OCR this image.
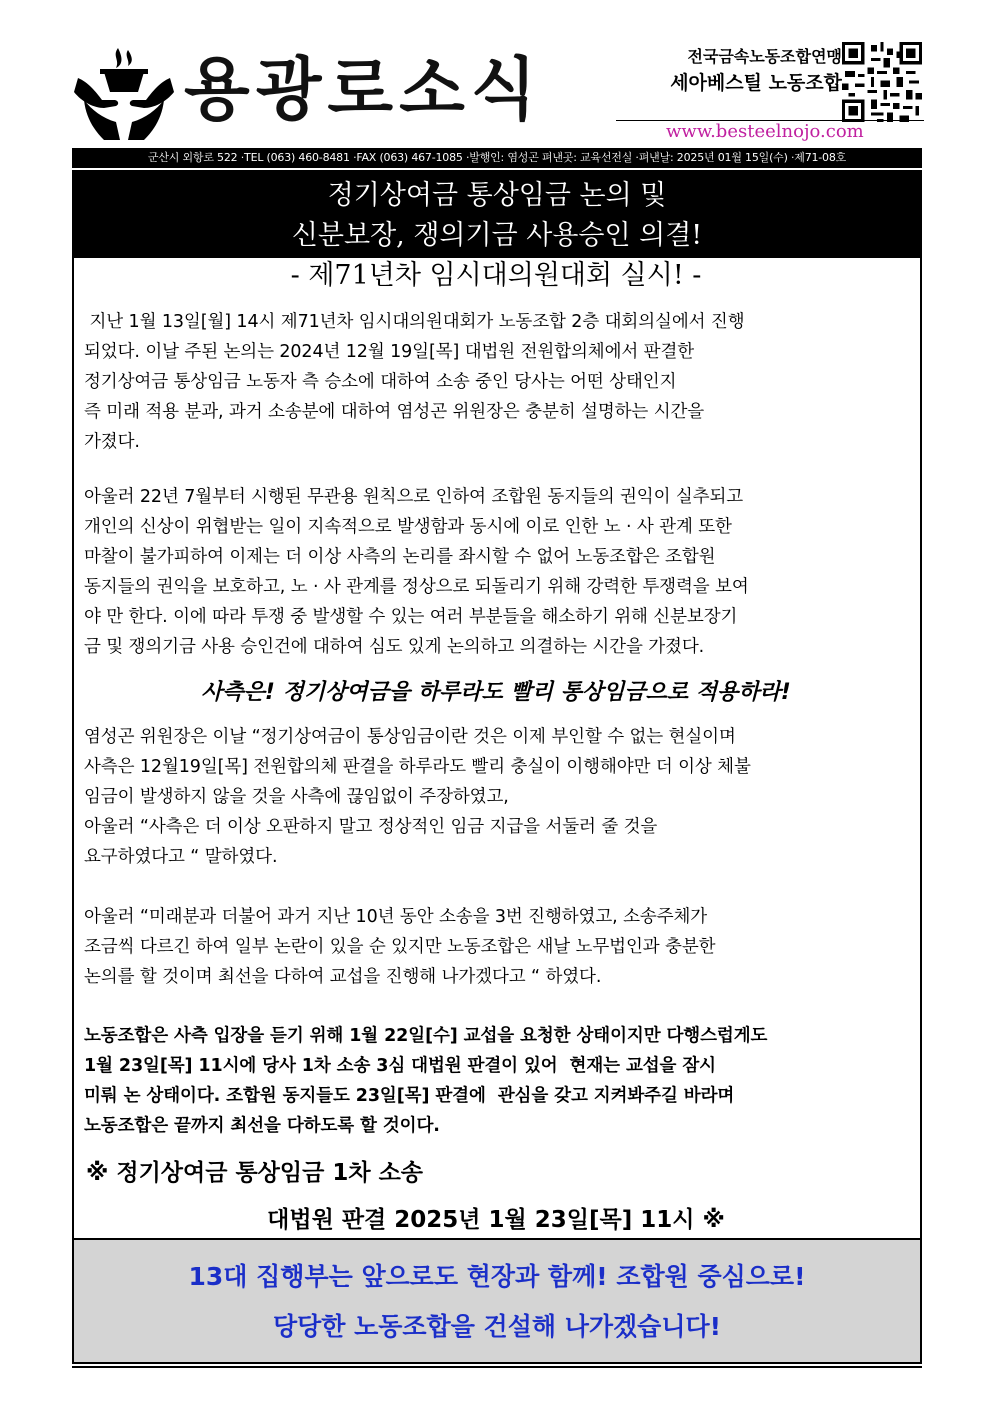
용광로소식	전국금속노동조합연맹
세아베스틸 노동조합
www.besteelnojo.com
군산시 외항로 522 ·TEL (063) 460-8481 ·FAX (063) 467-1085 ·발행인: 염성곤 펴낸곳: 교육선전실 ·펴낸날: 2025년 01월 15일(수) ·제71-08호
정기상여금 통상임금 논의 및
신분보장, 쟁의기금 사용승인 의결!
- 제71년차 임시대의원대회 실시! -
지난 1월 13일[월] 14시 제71년차 임시대의원대회가 노동조합 2층 대회의실에서 진행
되었다. 이날 주된 논의는 2024년 12월 19일[목] 대법원 전원합의체에서 판결한
정기상여금 통상임금 노동자 측 승소에 대하여 소송 중인 당사는 어떤 상태인지
즉 미래 적용 분과, 과거 소송분에 대하여 염성곤 위원장은 충분히 설명하는 시간을
가졌다.
아울러 22년 7월부터 시행된 무관용 원칙으로 인하여 조합원 동지들의 권익이 실추되고
개인의 신상이 위협받는 일이 지속적으로 발생함과 동시에 이로 인한 노 · 사 관계 또한
마찰이 불가피하여 이제는 더 이상 사측의 논리를 좌시할 수 없어 노동조합은 조합원
동지들의 권익을 보호하고, 노 · 사 관계를 정상으로 되돌리기 위해 강력한 투쟁력을 보여
야 만 한다. 이에 따라 투쟁 중 발생할 수 있는 여러 부분들을 해소하기 위해 신분보장기
금 및 쟁의기금 사용 승인건에 대하여 심도 있게 논의하고 의결하는 시간을 가졌다.
사측은! 정기상여금을 하루라도 빨리 통상임금으로 적용하라!
염성곤 위원장은 이날 “정기상여금이 통상임금이란 것은 이제 부인할 수 없는 현실이며
사측은 12월19일[목] 전원합의체 판결을 하루라도 빨리 충실이 이행해야만 더 이상 체불
임금이 발생하지 않을 것을 사측에 끊임없이 주장하였고,
아울러 “사측은 더 이상 오판하지 말고 정상적인 임금 지급을 서둘러 줄 것을
요구하였다고 “ 말하였다.
아울러 “미래분과 더불어 과거 지난 10년 동안 소송을 3번 진행하였고, 소송주체가
조금씩 다르긴 하여 일부 논란이 있을 순 있지만 노동조합은 새날 노무법인과 충분한
논의를 할 것이며 최선을 다하여 교섭을 진행해 나가겠다고 “ 하였다.
노동조합은 사측 입장을 듣기 위해 1월 22일[수] 교섭을 요청한 상태이지만 다행스럽게도
1월 23일[목] 11시에 당사 1차 소송 3심 대법원 판결이 있어  현재는 교섭을 잠시
미뤄 논 상태이다. 조합원 동지들도 23일[목] 판결에  관심을 갖고 지켜봐주길 바라며
노동조합은 끝까지 최선을 다하도록 할 것이다.
※ 정기상여금 통상임금 1차 소송
대법원 판결 2025년 1월 23일[목] 11시 ※
13대 집행부는 앞으로도 현장과 함께! 조합원 중심으로!
당당한 노동조합을 건설해 나가겠습니다!
